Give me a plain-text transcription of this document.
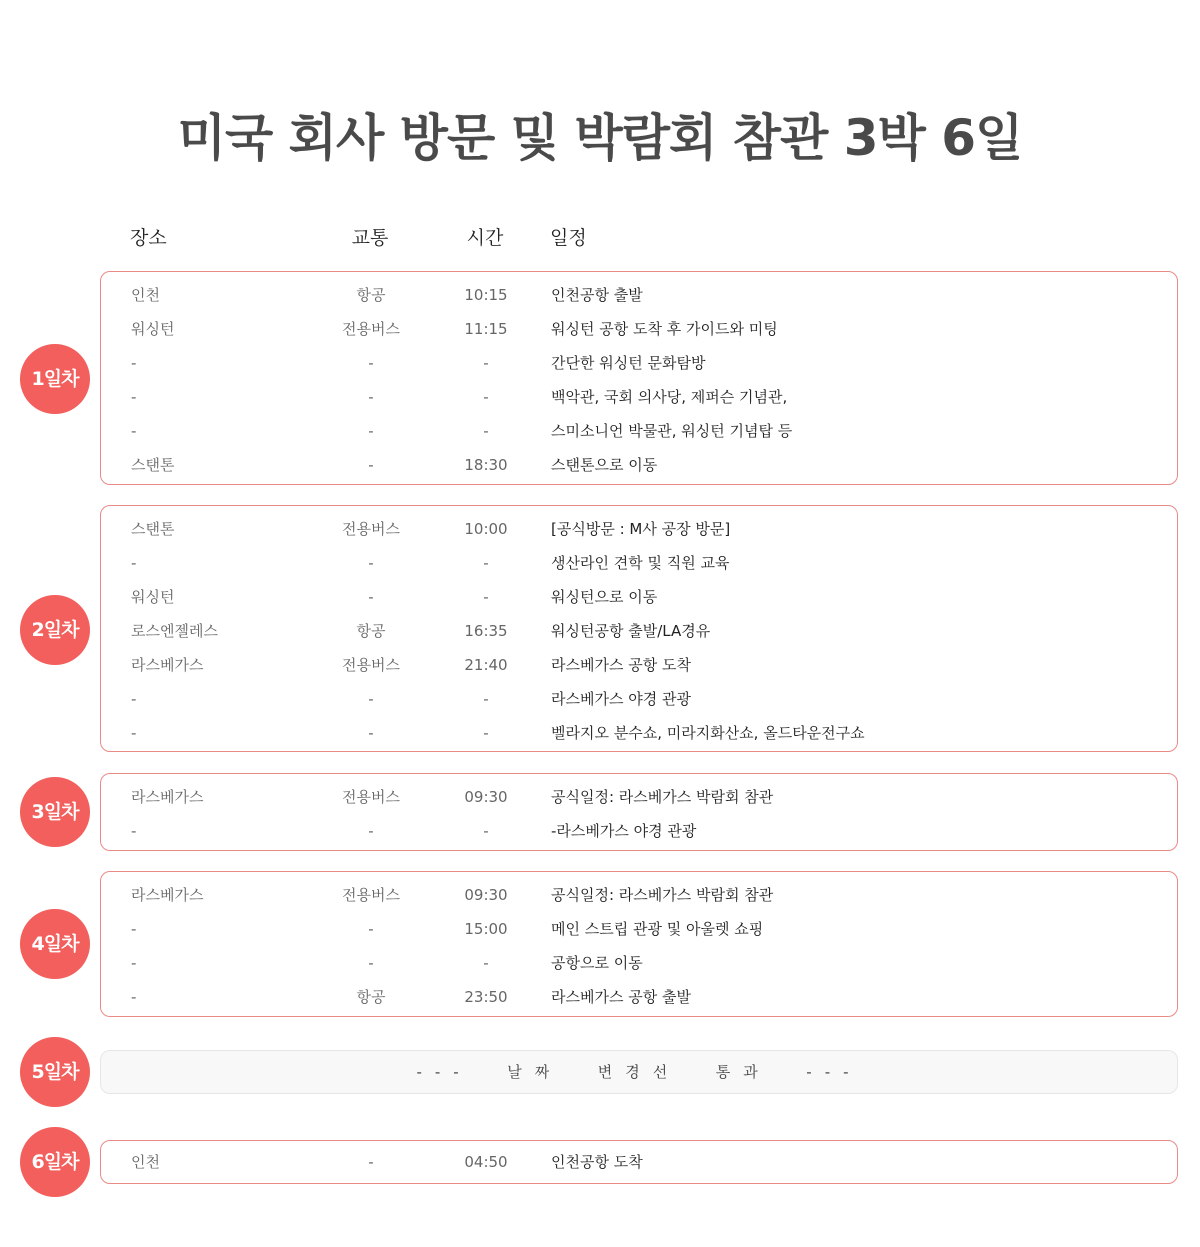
미국 회사 방문 및 박람회 참관 3박 6일
장소	교통	시간	일정
1일차
인천	항공	10:15	인천공항 출발
워싱턴	전용버스	11:15	워싱턴 공항 도착 후 가이드와 미팅
-	-	-	간단한 워싱턴 문화탐방
-	-	-	백악관, 국회 의사당, 제퍼슨 기념관,
-	-	-	스미소니언 박물관, 워싱턴 기념탑 등
스탠톤	-	18:30	스탠톤으로 이동
2일차
스탠톤	전용버스	10:00	[공식방문 : M사 공장 방문]
-	-	-	생산라인 견학 및 직원 교육
워싱턴	-	-	워싱턴으로 이동
로스엔젤레스	항공	16:35	워싱턴공항 출발/LA경유
라스베가스	전용버스	21:40	라스베가스 공항 도착
-	-	-	라스베가스 야경 관광
-	-	-	벨라지오 분수쇼, 미라지화산쇼, 올드타운전구쇼
3일차
라스베가스	전용버스	09:30	공식일정: 라스베가스 박람회 참관
-	-	-	-라스베가스 야경 관광
4일차
라스베가스	전용버스	09:30	공식일정: 라스베가스 박람회 참관
-	-	15:00	메인 스트립 관광 및 아울렛 쇼핑
-	-	-	공항으로 이동
-	항공	23:50	라스베가스 공항 출발
5일차	---  날짜  변경선  통과  ---
6일차	인천	-	04:50	인천공항 도착
